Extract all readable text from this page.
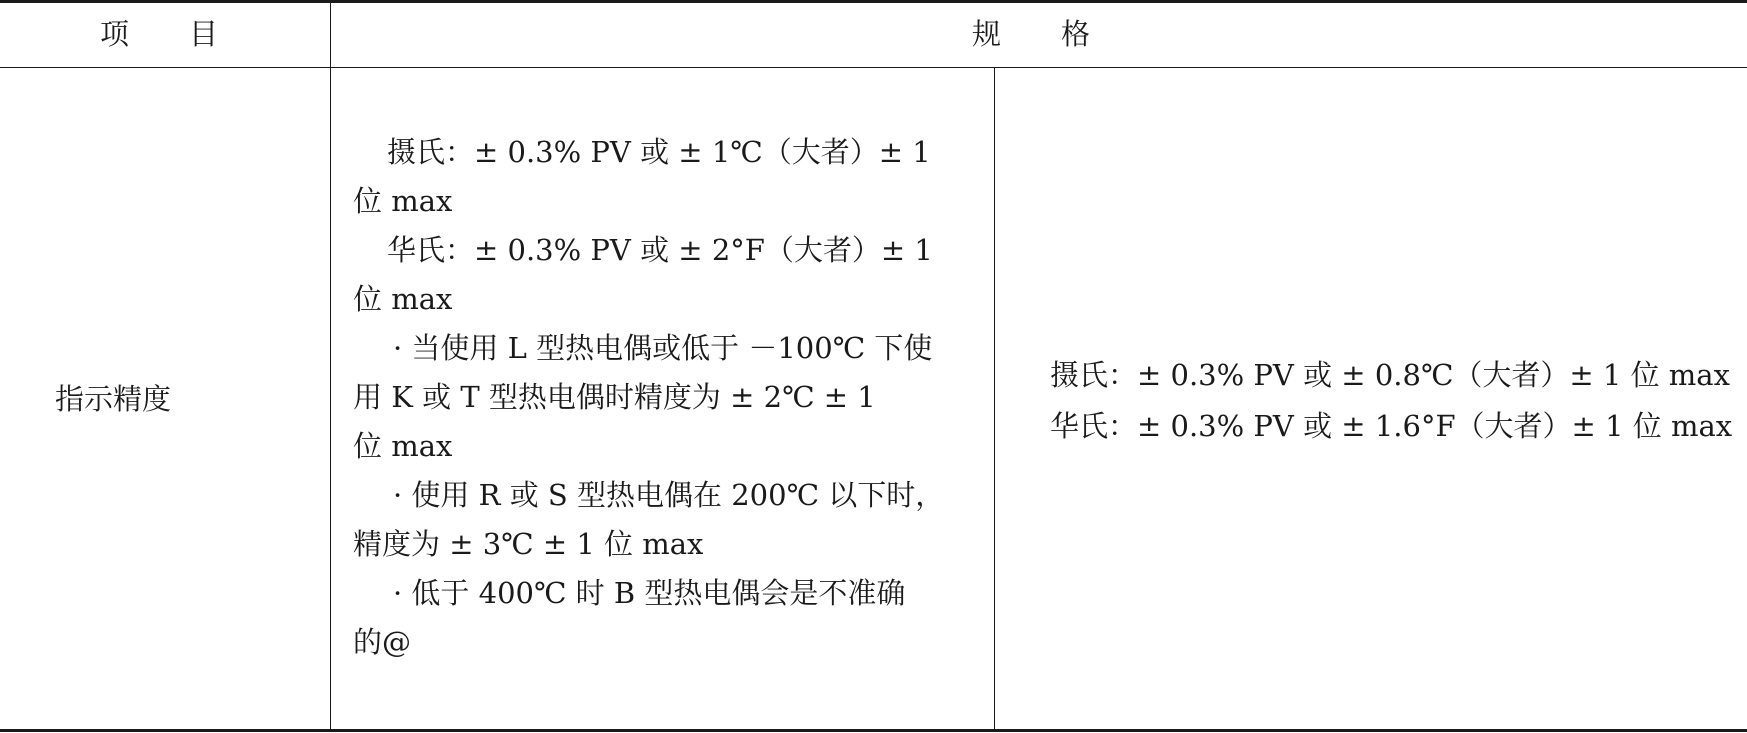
项目	规格
指示精度
摄氏：± 0.3% PV 或 ± 1℃（大者）± 1
位 max
华氏：± 0.3% PV 或 ± 2°F（大者）± 1
位 max
· 当使用 L 型热电偶或低于 －100℃ 下使
用 K 或 T 型热电偶时精度为 ± 2℃ ± 1
位 max
· 使用 R 或 S 型热电偶在 200℃ 以下时，
精度为 ± 3℃ ± 1 位 max
· 低于 400℃ 时 B 型热电偶会是不准确
的@
摄氏：± 0.3% PV 或 ± 0.8℃（大者）± 1 位 max
华氏：± 0.3% PV 或 ± 1.6°F（大者）± 1 位 max
